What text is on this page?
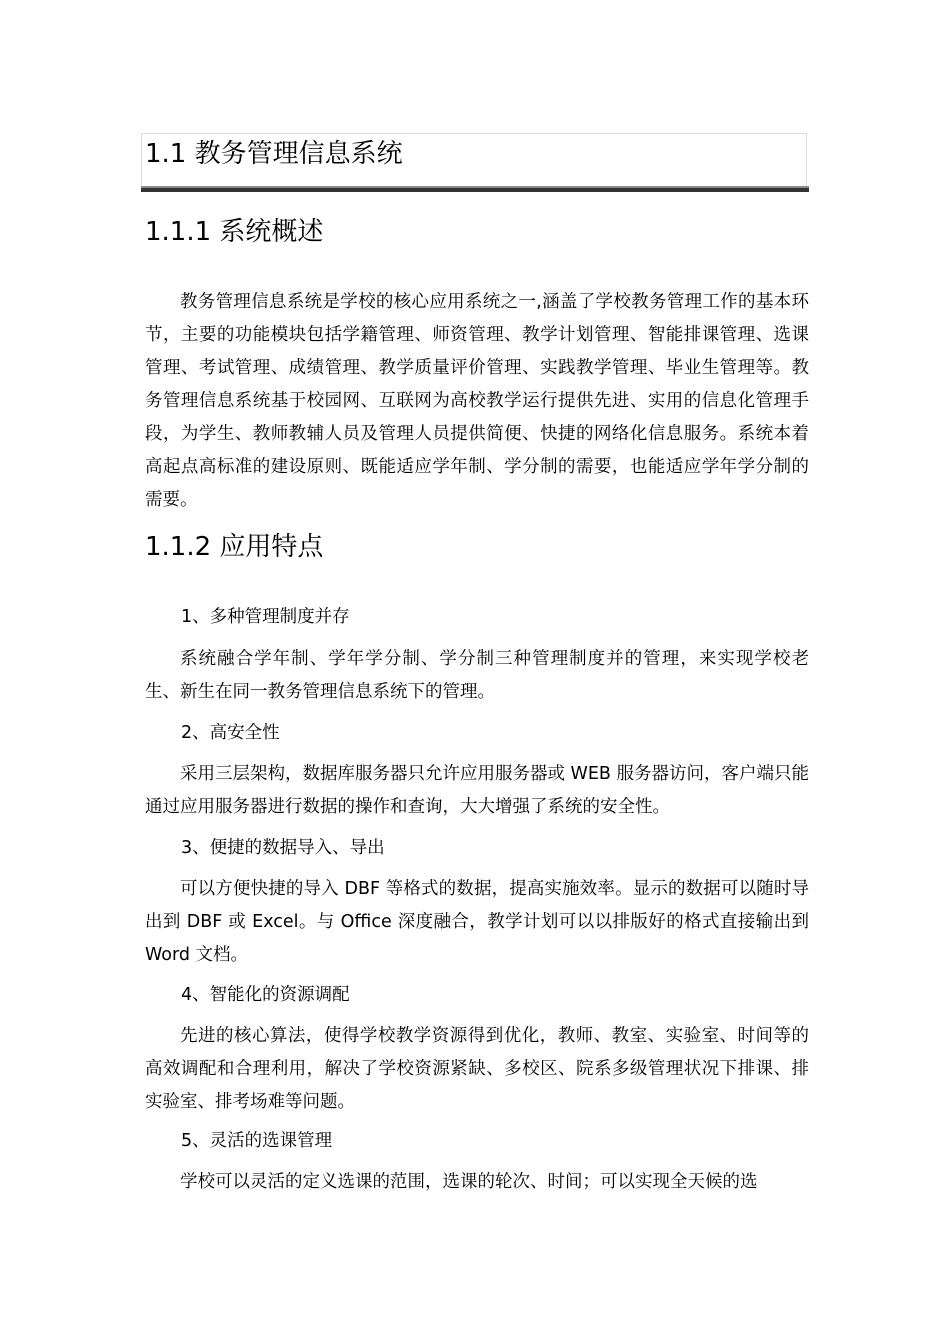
1.1 教务管理信息系统
1.1.1 系统概述

教务管理信息系统是学校的核心应用系统之一,涵盖了学校教务管理工作的基本环节，主要的功能模块包括学籍管理、师资管理、教学计划管理、智能排课管理、选课管理、考试管理、成绩管理、教学质量评价管理、实践教学管理、毕业生管理等。教务管理信息系统基于校园网、互联网为高校教学运行提供先进、实用的信息化管理手段，为学生、教师教辅人员及管理人员提供简便、快捷的网络化信息服务。系统本着高起点高标准的建设原则、既能适应学年制、学分制的需要，也能适应学年学分制的需要。

1.1.2 应用特点

1、多种管理制度并存

系统融合学年制、学年学分制、学分制三种管理制度并的管理，来实现学校老生、新生在同一教务管理信息系统下的管理。

2、高安全性

采用三层架构，数据库服务器只允许应用服务器或 WEB 服务器访问，客户端只能通过应用服务器进行数据的操作和查询，大大增强了系统的安全性。

3、便捷的数据导入、导出

可以方便快捷的导入 DBF 等格式的数据，提高实施效率。显示的数据可以随时导出到 DBF 或 Excel。与 Office 深度融合，教学计划可以以排版好的格式直接输出到 Word 文档。

4、智能化的资源调配

先进的核心算法，使得学校教学资源得到优化，教师、教室、实验室、时间等的高效调配和合理利用，解决了学校资源紧缺、多校区、院系多级管理状况下排课、排实验室、排考场难等问题。

5、灵活的选课管理

学校可以灵活的定义选课的范围，选课的轮次、时间；可以实现全天候的选
